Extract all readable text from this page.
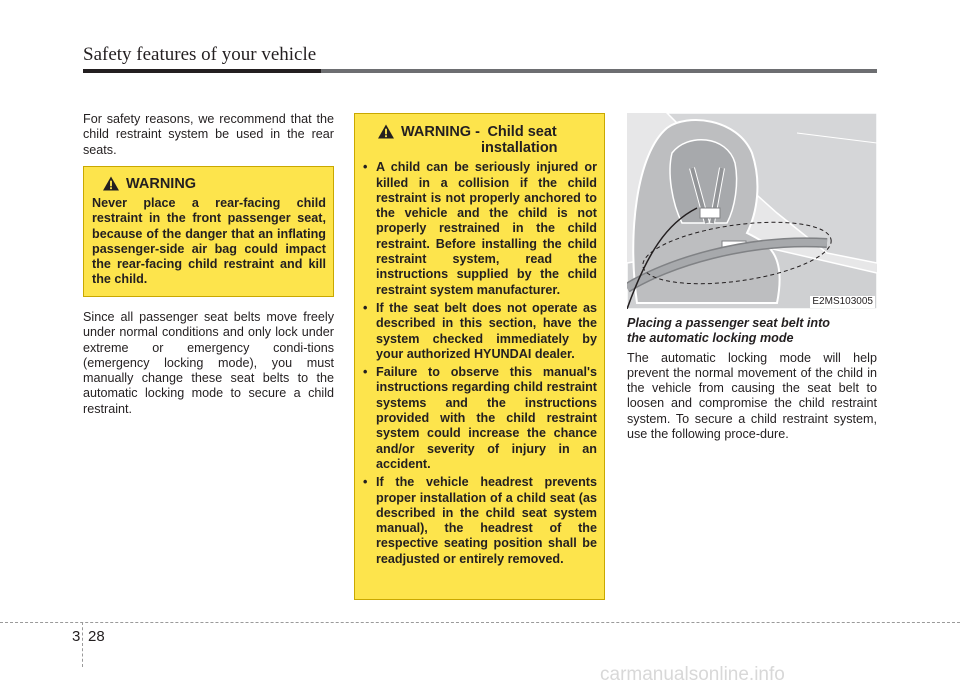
Safety features of your vehicle

For safety reasons, we recommend that the child restraint system be used in the rear seats.

WARNING
Never place a rear-facing child restraint in the front passenger seat, because of the danger that an inflating passenger-side air bag could impact the rear-facing child restraint and kill the child.

Since all passenger seat belts move freely under normal conditions and only lock under extreme or emergency condi-tions (emergency locking mode), you must manually change these seat belts to the automatic locking mode to secure a child restraint.

WARNING - Child seat
installation
• A child can be seriously injured or killed in a collision if the child restraint is not properly anchored to the vehicle and the child is not properly restrained in the child restraint. Before installing the child restraint system, read the instructions supplied by the child restraint system manufacturer.
• If the seat belt does not operate as described in this section, have the system checked immediately by your authorized HYUNDAI dealer.
• Failure to observe this manual's instructions regarding child restraint systems and the instructions provided with the child restraint system could increase the chance and/or severity of injury in an accident.
• If the vehicle headrest prevents proper installation of a child seat (as described in the child seat system manual), the headrest of the respective seating position shall be readjusted or entirely removed.
E2MS103005

Placing a passenger seat belt into
the automatic locking mode

The automatic locking mode will help prevent the normal movement of the child in the vehicle from causing the seat belt to loosen and compromise the child restraint system. To secure a child restraint system, use the following proce-dure.

3 28
carmanualsonline.info
